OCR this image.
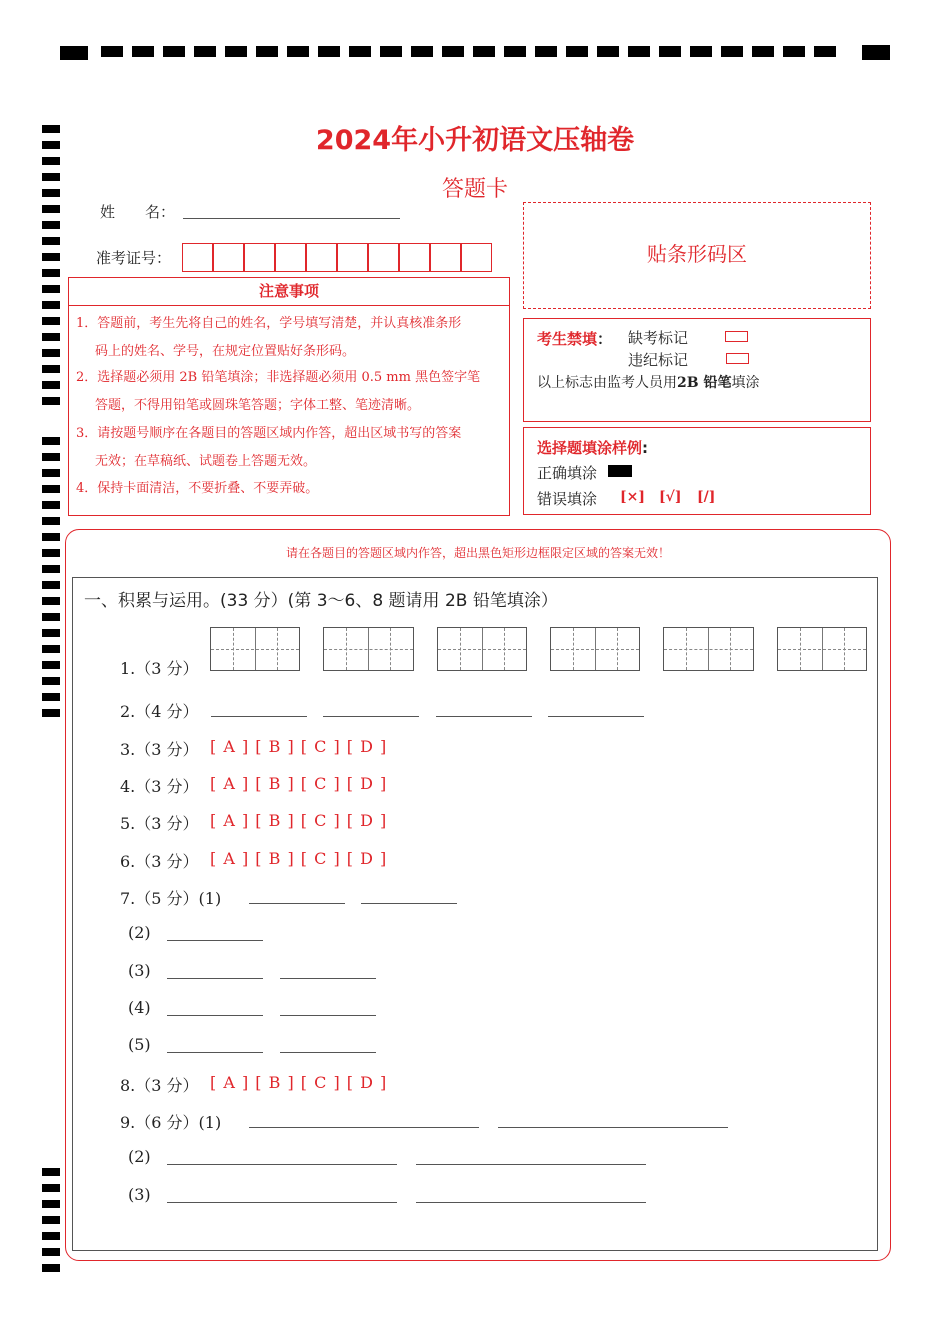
2024年小升初语文压轴卷
答题卡
姓　　名：
准考证号：
注意事项
1．答题前，考生先将自己的姓名，学号填写清楚，并认真核准条形
码上的姓名、学号，在规定位置贴好条形码。
2．选择题必须用 2B 铅笔填涂；非选择题必须用 0.5 mm 黑色签字笔
答题，不得用铅笔或圆珠笔答题；字体工整、笔迹清晰。
3．请按题号顺序在各题目的答题区域内作答，超出区域书写的答案
无效；在草稿纸、试题卷上答题无效。
4．保持卡面清洁，不要折叠、不要弄破。
贴条形码区
考生禁填： 缺考标记
违纪标记
以上标志由监考人员用2B 铅笔填涂
选择题填涂样例:
正确填涂
错误填涂 [×] [√] [/]
请在各题目的答题区域内作答，超出黑色矩形边框限定区域的答案无效！
一、积累与运用。(33 分）(第 3～6、8 题请用 2B 铅笔填涂）
1.（3 分）
2.（4 分）
3.（3 分） [ A ] [ B ] [ C ] [ D ]
4.（3 分） [ A ] [ B ] [ C ] [ D ]
5.（3 分） [ A ] [ B ] [ C ] [ D ]
6.（3 分） [ A ] [ B ] [ C ] [ D ]
7.（5 分）(1)
(2)
(3)
(4)
(5)
8.（3 分） [ A ] [ B ] [ C ] [ D ]
9.（6 分）(1)
(2)
(3)
